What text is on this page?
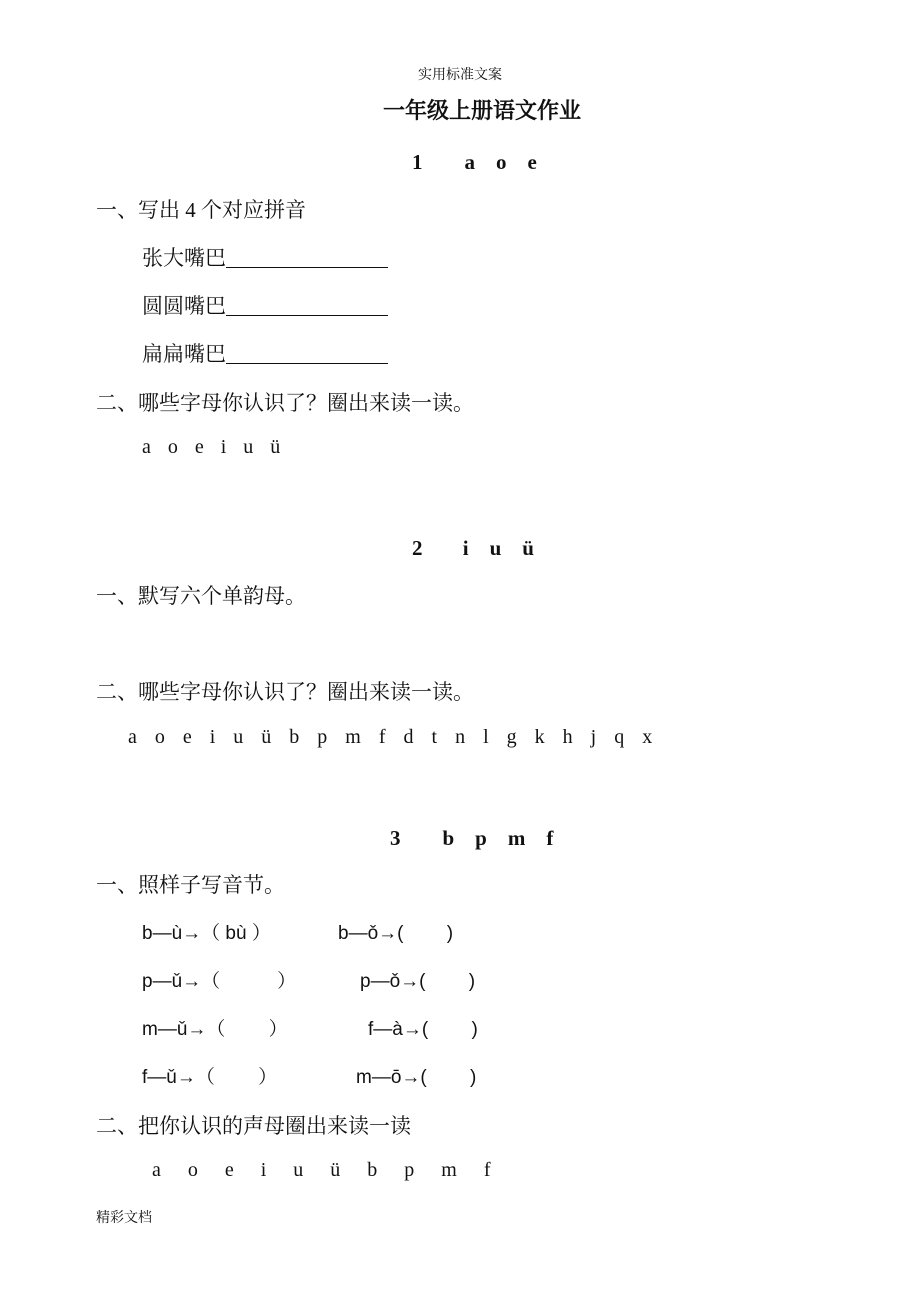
实用标准文案
一年级上册语文作业
1　　a　o　e
一、写出 4 个对应拼音
张大嘴巴
圆圆嘴巴
扁扁嘴巴
二、哪些字母你认识了？圈出来读一读。
a o e i u ü
2　 i　u　ü
一、默写六个单韵母。
二、哪些字母你认识了？圈出来读一读。
a o e i u ü b p m f d t n l g k h j q x
3　　b　p　m　f
一、照样子写音节。
b—ù→（ bù ）	b—ǒ→(　　 )
p—ǔ→（　　　）	p—ǒ→(　　 )
m—ǔ→（　　 ）	f—à→(　　 )
f—ǔ→（　　 ）	m—ō→(　　 )
二、把你认识的声母圈出来读一读
a o e i u ü b p m f
精彩文档
